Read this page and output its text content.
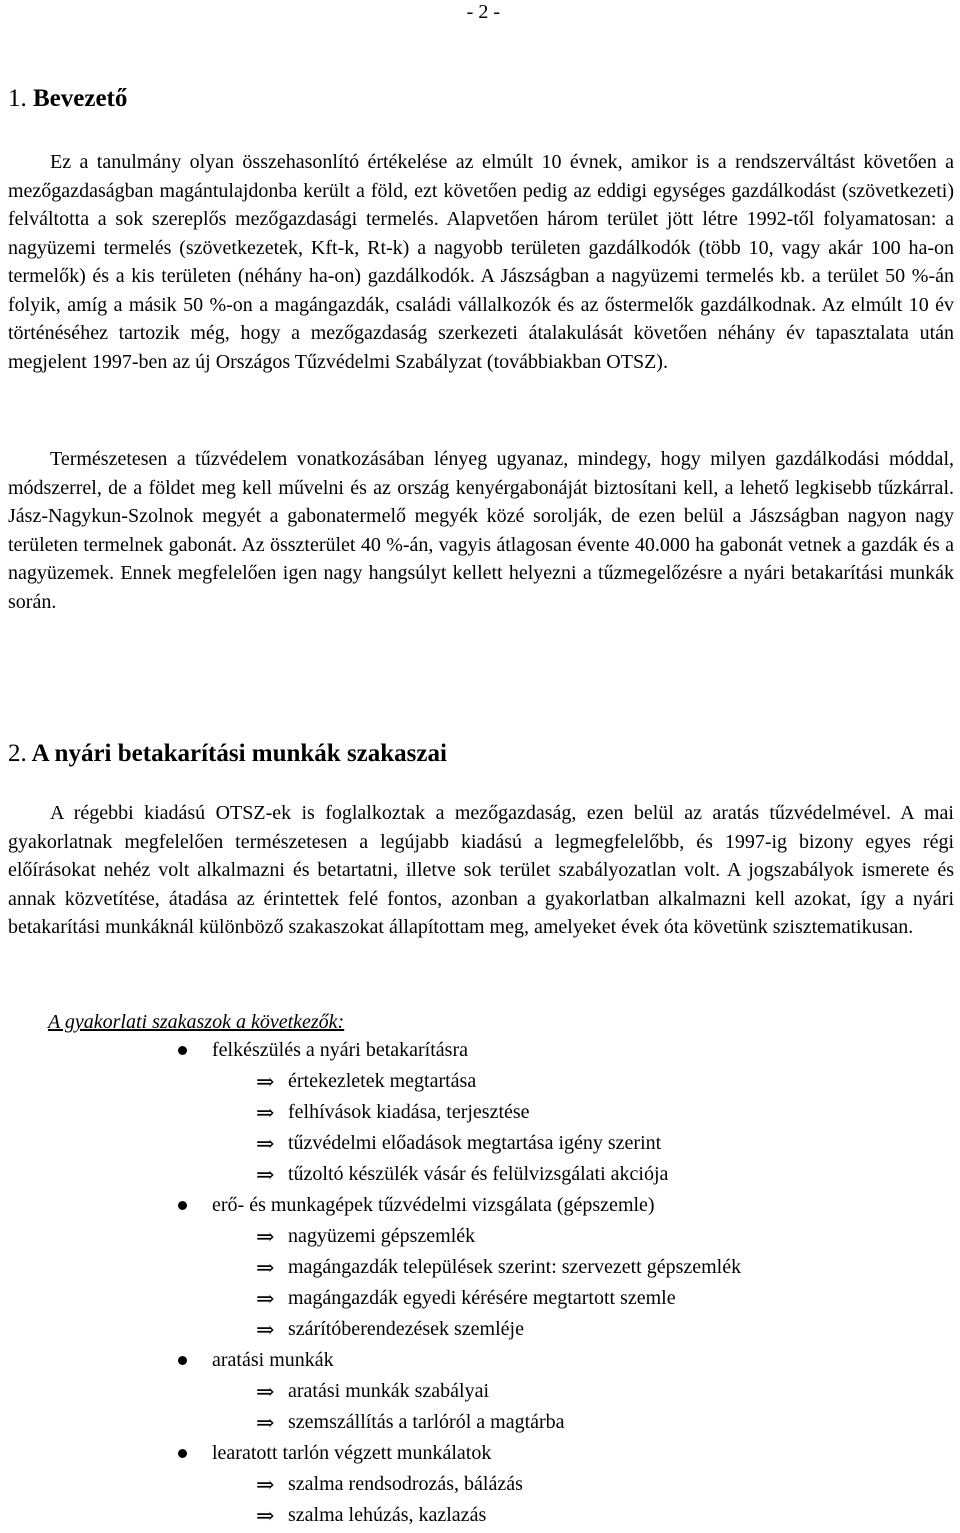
- 2 -
1. Bevezető

Ez a tanulmány olyan összehasonlító értékelése az elmúlt 10 évnek, amikor is a rendszerváltást követően a mezőgazdaságban magántulajdonba került a föld, ezt követően pedig az eddigi egységes gazdálkodást (szövetkezeti) felváltotta a sok szereplős mezőgazdasági termelés. Alapvetően három terület jött létre 1992-től folyamatosan: a nagyüzemi termelés (szövetkezetek, Kft-k, Rt-k) a nagyobb területen gazdálkodók (több 10, vagy akár 100 ha-on termelők) és a kis területen (néhány ha-on) gazdálkodók. A Jászságban a nagyüzemi termelés kb. a terület 50 %-án folyik, amíg a másik 50 %-on a magángazdák, családi vállalkozók és az őstermelők gazdálkodnak. Az elmúlt 10 év történéséhez tartozik még, hogy a mezőgazdaság szerkezeti átalakulását követően néhány év tapasztalata után megjelent 1997-ben az új Országos Tűzvédelmi Szabályzat (továbbiakban OTSZ).

Természetesen a tűzvédelem vonatkozásában lényeg ugyanaz, mindegy, hogy milyen gazdálkodási móddal, módszerrel, de a földet meg kell művelni és az ország kenyérgabonáját biztosítani kell, a lehető legkisebb tűzkárral. Jász-Nagykun-Szolnok megyét a gabonatermelő megyék közé sorolják, de ezen belül a Jászságban nagyon nagy területen termelnek gabonát. Az összterület 40 %-án, vagyis átlagosan évente 40.000 ha gabonát vetnek a gazdák és a nagyüzemek. Ennek megfelelően igen nagy hangsúlyt kellett helyezni a tűzmegelőzésre a nyári betakarítási munkák során.

2. A nyári betakarítási munkák szakaszai

A régebbi kiadású OTSZ-ek is foglalkoztak a mezőgazdaság, ezen belül az aratás tűzvédelmével. A mai gyakorlatnak megfelelően természetesen a legújabb kiadású a legmegfelelőbb, és 1997-ig bizony egyes régi előírásokat nehéz volt alkalmazni és betartatni, illetve sok terület szabályozatlan volt. A jogszabályok ismerete és annak közvetítése, átadása az érintettek felé fontos, azonban a gyakorlatban alkalmazni kell azokat, így a nyári betakarítási munkáknál különböző szakaszokat állapítottam meg, amelyeket évek óta követünk szisztematikusan.

A gyakorlati szakaszok a következők:

felkészülés a nyári betakarításra
⇒ értekezletek megtartása
⇒ felhívások kiadása, terjesztése
⇒ tűzvédelmi előadások megtartása igény szerint
⇒ tűzoltó készülék vásár és felülvizsgálati akciója
erő- és munkagépek tűzvédelmi vizsgálata (gépszemle)
⇒ nagyüzemi gépszemlék
⇒ magángazdák települések szerint: szervezett gépszemlék
⇒ magángazdák egyedi kérésére megtartott szemle
⇒ szárítóberendezések szemléje
aratási munkák
⇒ aratási munkák szabályai
⇒ szemszállítás a tarlóról a magtárba
learatott tarlón végzett munkálatok
⇒ szalma rendsodrozás, bálázás
⇒ szalma lehúzás, kazlazás
